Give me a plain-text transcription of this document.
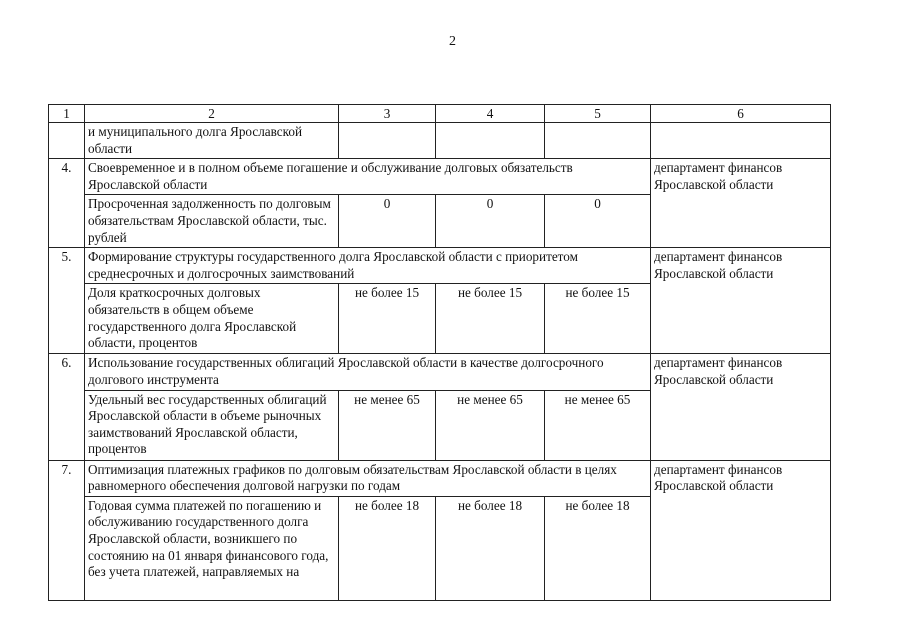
2
1	2	3	4	5	6
	и муниципального долга Ярославской области				
4.	Своевременное и в полном объеме погашение и обслуживание долговых обязательств Ярославской области				департамент финансов Ярославской области
	Просроченная задолженность по долговым обязательствам Ярославской области, тыс. рублей	0	0	0	
5.	Формирование структуры государственного долга Ярославской области с приоритетом среднесрочных и долгосрочных заимствований				департамент финансов Ярославской области
	Доля краткосрочных долговых обязательств в общем объеме государственного долга Ярославской области, процентов	не более 15	не более 15	не более 15	
6.	Использование государственных облигаций Ярославской области в качестве долгосрочного долгового инструмента				департамент финансов Ярославской области
	Удельный вес государственных облигаций Ярославской области в объеме рыночных заимствований Ярославской области, процентов	не менее 65	не менее 65	не менее 65	
7.	Оптимизация платежных графиков по долговым обязательствам Ярославской области в целях равномерного обеспечения долговой нагрузки по годам				департамент финансов Ярославской области
	Годовая сумма платежей по погашению и обслуживанию государственного долга Ярославской области, возникшего по состоянию на 01 января финансового года, без учета платежей, направляемых на	не более 18	не более 18	не более 18	
